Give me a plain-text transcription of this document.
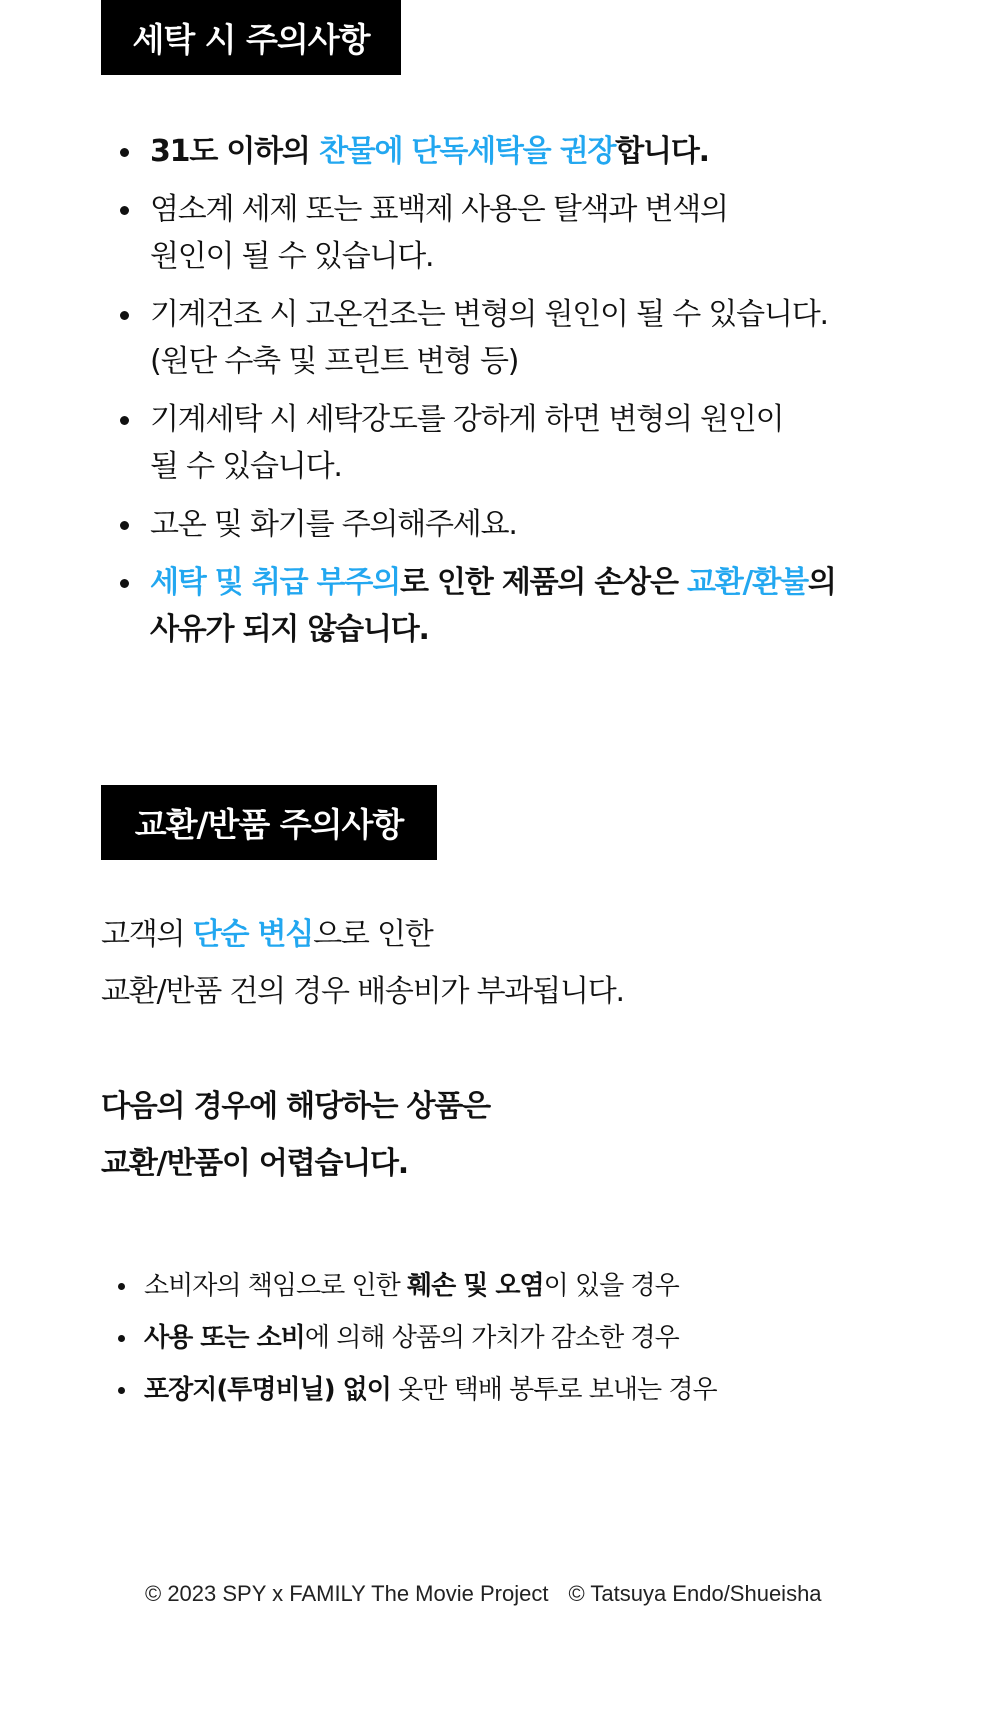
세탁 시 주의사항
31도 이하의 찬물에 단독세탁을 권장합니다.
염소계 세제 또는 표백제 사용은 탈색과 변색의
원인이 될 수 있습니다.
기계건조 시 고온건조는 변형의 원인이 될 수 있습니다.
(원단 수축 및 프린트 변형 등)
기계세탁 시 세탁강도를 강하게 하면 변형의 원인이
될 수 있습니다.
고온 및 화기를 주의해주세요.
세탁 및 취급 부주의로 인한 제품의 손상은 교환/환불의
사유가 되지 않습니다.
교환/반품 주의사항
고객의 단순 변심으로 인한
교환/반품 건의 경우 배송비가 부과됩니다.
다음의 경우에 해당하는 상품은
교환/반품이 어렵습니다.
소비자의 책임으로 인한 훼손 및 오염이 있을 경우
사용 또는 소비에 의해 상품의 가치가 감소한 경우
포장지(투명비닐) 없이 옷만 택배 봉투로 보내는 경우
© 2023 SPY x FAMILY The Movie Project © Tatsuya Endo/Shueisha
